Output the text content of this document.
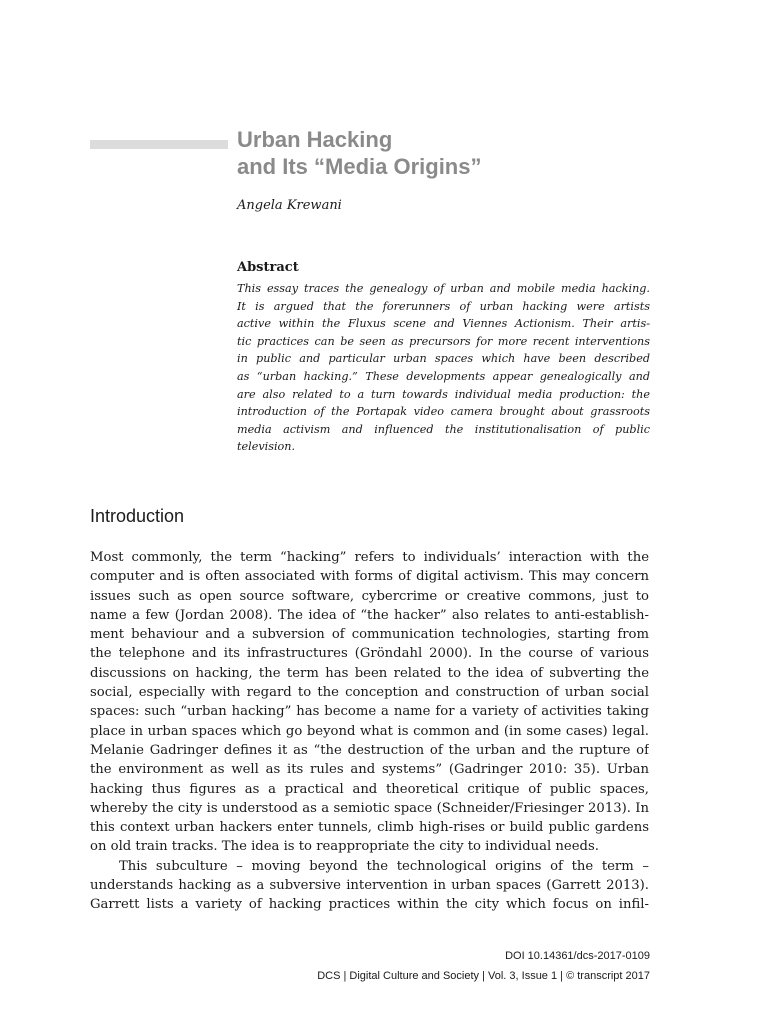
Urban Hacking
and Its “Media Origins”
Angela Krewani
Abstract
This essay traces the genealogy of urban and mobile media hacking.
It is argued that the forerunners of urban hacking were artists
active within the Fluxus scene and Viennes Actionism. Their artis-
tic practices can be seen as precursors for more recent interventions
in public and particular urban spaces which have been described
as “urban hacking.” These developments appear genealogically and
are also related to a turn towards individual media production: the
introduction of the Portapak video camera brought about grassroots
media activism and influenced the institutionalisation of public
television.
Introduction
Most commonly, the term “hacking” refers to individuals’ interaction with the
computer and is often associated with forms of digital activism. This may concern
issues such as open source software, cybercrime or creative commons, just to
name a few (Jordan 2008). The idea of “the hacker” also relates to anti-establish-
ment behaviour and a subversion of communication technologies, starting from
the telephone and its infrastructures (Gröndahl 2000). In the course of various
discussions on hacking, the term has been related to the idea of subverting the
social, especially with regard to the conception and construction of urban social
spaces: such “urban hacking” has become a name for a variety of activities taking
place in urban spaces which go beyond what is common and (in some cases) legal.
Melanie Gadringer defines it as “the destruction of the urban and the rupture of
the environment as well as its rules and systems” (Gadringer 2010: 35). Urban
hacking thus figures as a practical and theoretical critique of public spaces,
whereby the city is understood as a semiotic space (Schneider/Friesinger 2013). In
this context urban hackers enter tunnels, climb high-rises or build public gardens
on old train tracks. The idea is to reappropriate the city to individual needs.
This subculture – moving beyond the technological origins of the term –
understands hacking as a subversive intervention in urban spaces (Garrett 2013).
Garrett lists a variety of hacking practices within the city which focus on infil-
DOI 10.14361/dcs-2017-0109
DCS | Digital Culture and Society | Vol. 3, Issue 1 | © transcript 2017
